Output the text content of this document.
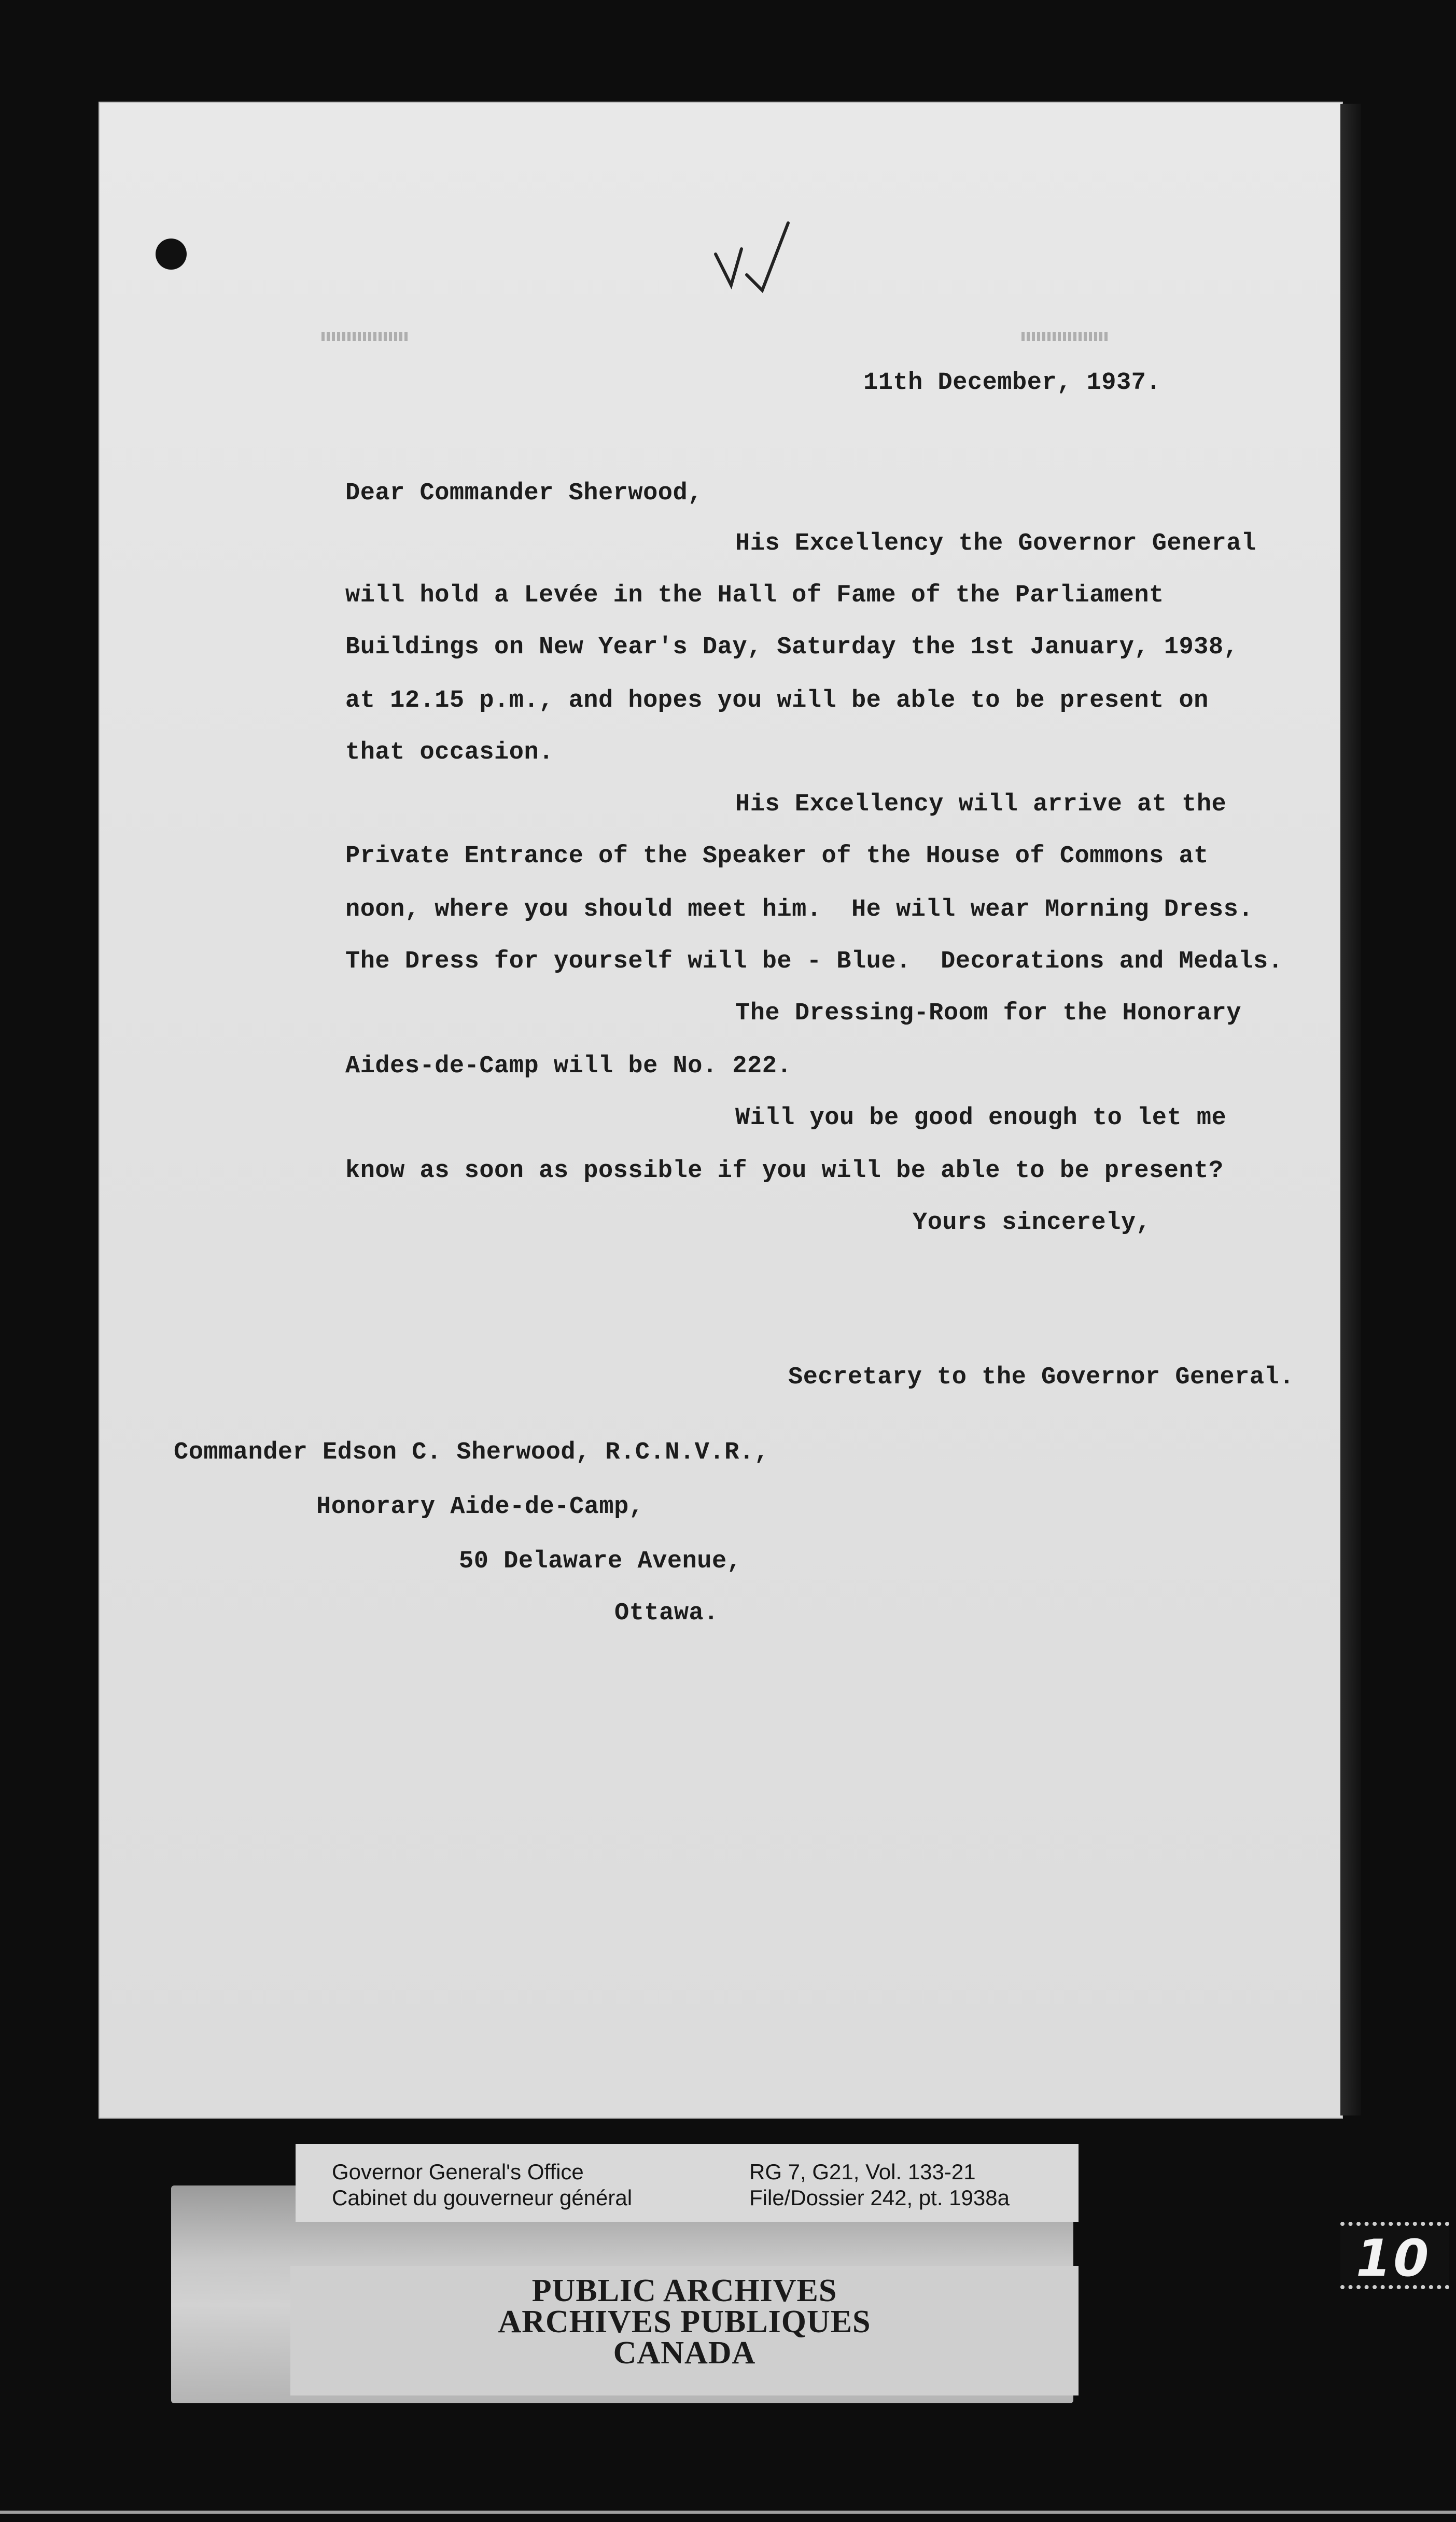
11th December, 1937.

Dear Commander Sherwood,

His Excellency the Governor General

will hold a Levée in the Hall of Fame of the Parliament

Buildings on New Year's Day, Saturday the 1st January, 1938,

at 12.15 p.m., and hopes you will be able to be present on

that occasion.

His Excellency will arrive at the

Private Entrance of the Speaker of the House of Commons at

noon, where you should meet him.  He will wear Morning Dress.

The Dress for yourself will be - Blue.  Decorations and Medals.

The Dressing-Room for the Honorary

Aides-de-Camp will be No. 222.

Will you be good enough to let me

know as soon as possible if you will be able to be present?

Yours sincerely,

Secretary to the Governor General.

Commander Edson C. Sherwood, R.C.N.V.R.,

Honorary Aide-de-Camp,

50 Delaware Avenue,

Ottawa.

Governor General's Office
Cabinet du gouverneur général
RG 7, G21, Vol. 133-21
File/Dossier 242, pt. 1938a
PUBLIC ARCHIVES
ARCHIVES PUBLIQUES
CANADA
10
